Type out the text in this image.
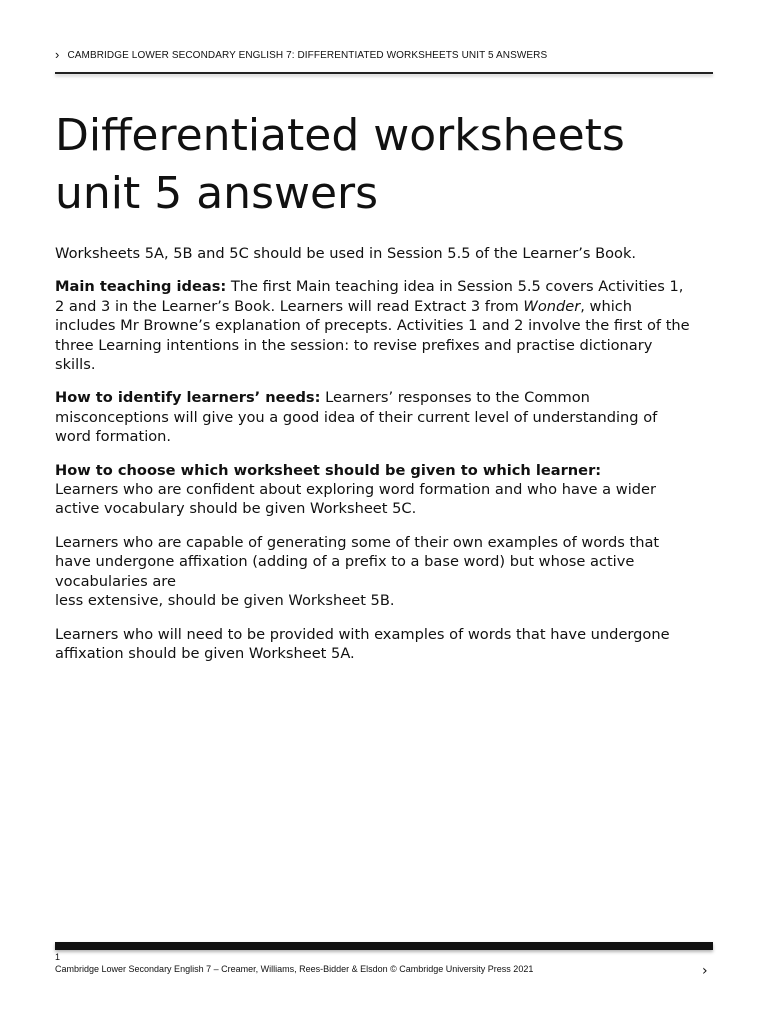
› CAMBRIDGE LOWER SECONDARY ENGLISH 7: DIFFERENTIATED WORKSHEETS UNIT 5 ANSWERS
Differentiated worksheets
unit 5 answers

Worksheets 5A, 5B and 5C should be used in Session 5.5 of the Learner’s Book.

Main teaching ideas: The first Main teaching idea in Session 5.5 covers Activities 1, 2 and 3 in the Learner’s Book. Learners will read Extract 3 from Wonder, which includes Mr Browne’s explanation of precepts. Activities 1 and 2 involve the first of the three Learning intentions in the session: to revise prefixes and practise dictionary skills.

How to identify learners’ needs: Learners’ responses to the Common misconceptions will give you a good idea of their current level of understanding of word formation.

How to choose which worksheet should be given to which learner:
Learners who are confident about exploring word formation and who have a wider active vocabulary should be given Worksheet 5C.

Learners who are capable of generating some of their own examples of words that have undergone affixation (adding of a prefix to a base word) but whose active vocabularies are
less extensive, should be given Worksheet 5B.

Learners who will need to be provided with examples of words that have undergone
affixation should be given Worksheet 5A.

1
Cambridge Lower Secondary English 7 – Creamer, Williams, Rees-Bidder & Elsdon © Cambridge University Press 2021	›
